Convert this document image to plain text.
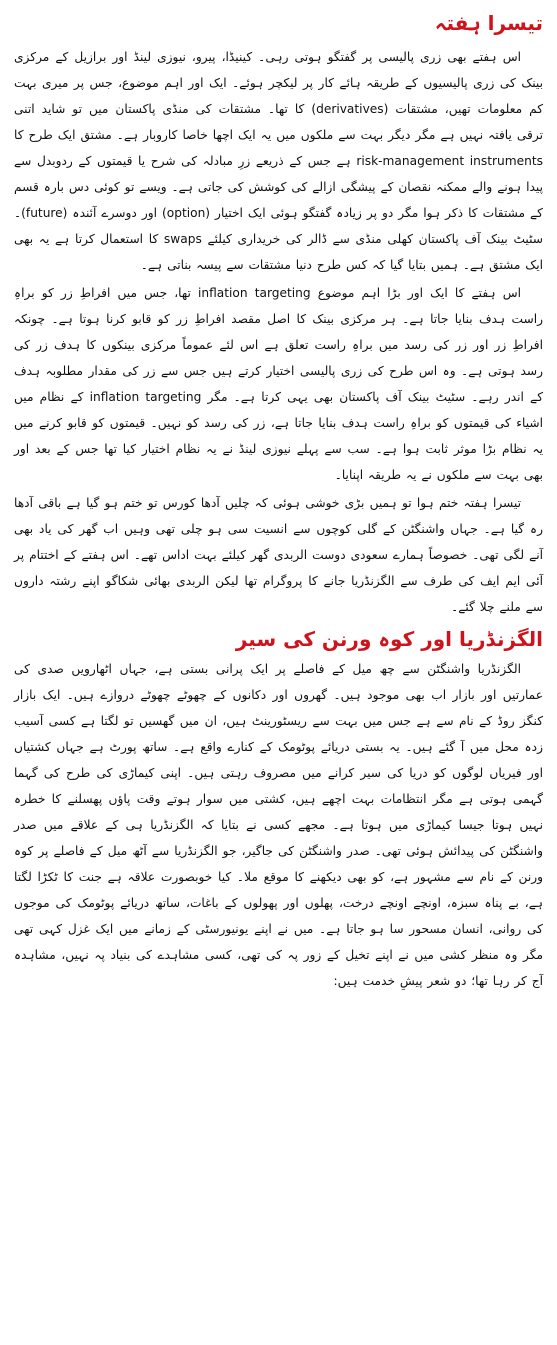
تیسرا ہفتہ

اس ہفتے بھی زری پالیسی پر گفتگو ہوتی رہی۔ کینیڈا، پیرو، نیوزی لینڈ اور برازیل کے مرکزی بینک کی زری پالیسیوں کے طریقہ ہائے کار پر لیکچر ہوئے۔ ایک اور اہم موضوع، جس پر میری بہت کم معلومات تھیں، مشتقات (derivatives) کا تھا۔ مشتقات کی منڈی پاکستان میں تو شاید اتنی ترقی یافتہ نہیں ہے مگر دیگر بہت سے ملکوں میں یہ ایک اچھا خاصا کاروبار ہے۔ مشتق ایک طرح کا risk-management instruments ہے جس کے ذریعے زرِ مبادلہ کی شرح یا قیمتوں کے ردوبدل سے پیدا ہونے والے ممکنہ نقصان کے پیشگی ازالے کی کوشش کی جاتی ہے۔ ویسے تو کوئی دس بارہ قسم کے مشتقات کا ذکر ہوا مگر دو پر زیادہ گفتگو ہوئی ایک اختیار (option) اور دوسرے آئندہ (future)۔ سٹیٹ بینک آف پاکستان کھلی منڈی سے ڈالر کی خریداری کیلئے swaps کا استعمال کرتا ہے یہ بھی ایک مشتق ہے۔ ہمیں بتایا گیا کہ کس طرح دنیا مشتقات سے پیسہ بناتی ہے۔

اس ہفتے کا ایک اور بڑا اہم موضوع inflation targeting تھا، جس میں افراطِ زر کو براہِ راست ہدف بنایا جاتا ہے۔ ہر مرکزی بینک کا اصل مقصد افراطِ زر کو قابو کرنا ہوتا ہے۔ چونکہ افراطِ زر اور زر کی رسد میں براہِ راست تعلق ہے اس لئے عموماً مرکزی بینکوں کا ہدف زر کی رسد ہوتی ہے۔ وہ اس طرح کی زری پالیسی اختیار کرتے ہیں جس سے زر کی مقدار مطلوبہ ہدف کے اندر رہے۔ سٹیٹ بینک آف پاکستان بھی یہی کرتا ہے۔ مگر inflation targeting کے نظام میں اشیاء کی قیمتوں کو براہِ راست ہدف بنایا جاتا ہے، زر کی رسد کو نہیں۔ قیمتوں کو قابو کرنے میں یہ نظام بڑا موثر ثابت ہوا ہے۔ سب سے پہلے نیوزی لینڈ نے یہ نظام اختیار کیا تھا جس کے بعد اور بھی بہت سے ملکوں نے یہ طریقہ اپنایا۔

تیسرا ہفتہ ختم ہوا تو ہمیں بڑی خوشی ہوئی کہ چلیں آدھا کورس تو ختم ہو گیا ہے باقی آدھا رہ گیا ہے۔ جہاں واشنگٹن کے گلی کوچوں سے انسیت سی ہو چلی تھی وہیں اب گھر کی یاد بھی آنے لگی تھی۔ خصوصاً ہمارے سعودی دوست الربدی گھر کیلئے بہت اداس تھے۔ اس ہفتے کے اختتام پر آئی ایم ایف کی طرف سے الگزنڈریا جانے کا پروگرام تھا لیکن الربدی بھائی شکاگو اپنے رشتہ داروں سے ملنے چلا گئے۔

الگزنڈریا اور کوہ ورنن کی سیر

الگزنڈریا واشنگٹن سے چھ میل کے فاصلے پر ایک پرانی بستی ہے، جہاں اٹھارویں صدی کی عمارتیں اور بازار اب بھی موجود ہیں۔ گھروں اور دکانوں کے چھوٹے چھوٹے دروازے ہیں۔ ایک بازار کنگز روڈ کے نام سے ہے جس میں بہت سے ریسٹورینٹ ہیں، ان میں گھسیں تو لگتا ہے کسی آسیب زدہ محل میں آ گئے ہیں۔ یہ بستی دریائے پوٹومک کے کنارے واقع ہے۔ ساتھ پورٹ ہے جہاں کشتیاں اور فیریاں لوگوں کو دریا کی سیر کرانے میں مصروف رہتی ہیں۔ اپنی کیماڑی کی طرح کی گہما گہمی ہوتی ہے مگر انتظامات بہت اچھے ہیں، کشتی میں سوار ہوتے وقت پاؤں پھسلنے کا خطرہ نہیں ہوتا جیسا کیماڑی میں ہوتا ہے۔ مجھے کسی نے بتایا کہ الگزنڈریا ہی کے علاقے میں صدر واشنگٹن کی پیدائش ہوئی تھی۔ صدر واشنگٹن کی جاگیر، جو الگزنڈریا سے آٹھ میل کے فاصلے پر کوہ ورنن کے نام سے مشہور ہے، کو بھی دیکھنے کا موقع ملا۔ کیا خوبصورت علاقہ ہے جنت کا ٹکڑا لگتا ہے، بے پناہ سبزہ، اونچے اونچے درخت، پھلوں اور پھولوں کے باغات، ساتھ دریائے پوٹومک کی موجوں کی روانی، انسان مسحور سا ہو جاتا ہے۔ میں نے اپنے یونیورسٹی کے زمانے میں ایک غزل کہی تھی مگر وہ منظر کشی میں نے اپنے تخیل کے زور پہ کی تھی، کسی مشاہدے کی بنیاد پہ نہیں، مشاہدہ آج کر رہا تھا؛ دو شعر پیشِ خدمت ہیں:
